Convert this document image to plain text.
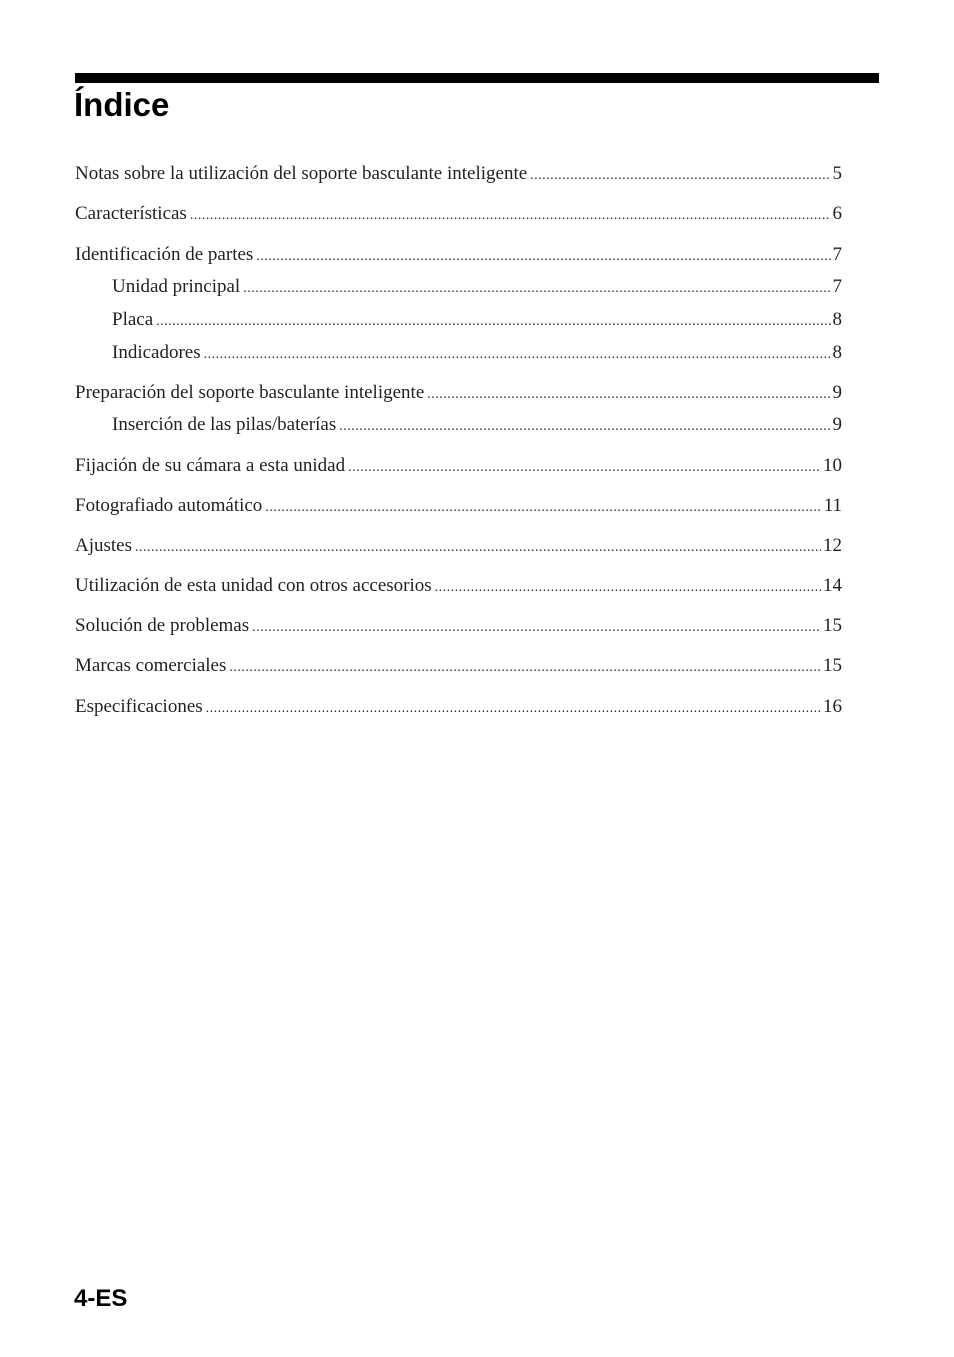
Índice
Notas sobre la utilización del soporte basculante inteligente .....	5
Características .....	6
Identificación de partes .....	7
Unidad principal .....	7
Placa .....	8
Indicadores .....	8
Preparación del soporte basculante inteligente .....	9
Inserción de las pilas/baterías .....	9
Fijación de su cámara a esta unidad .....	10
Fotografiado automático .....	11
Ajustes .....	12
Utilización de esta unidad con otros accesorios .....	14
Solución de problemas .....	15
Marcas comerciales .....	15
Especificaciones .....	16
4-ES
